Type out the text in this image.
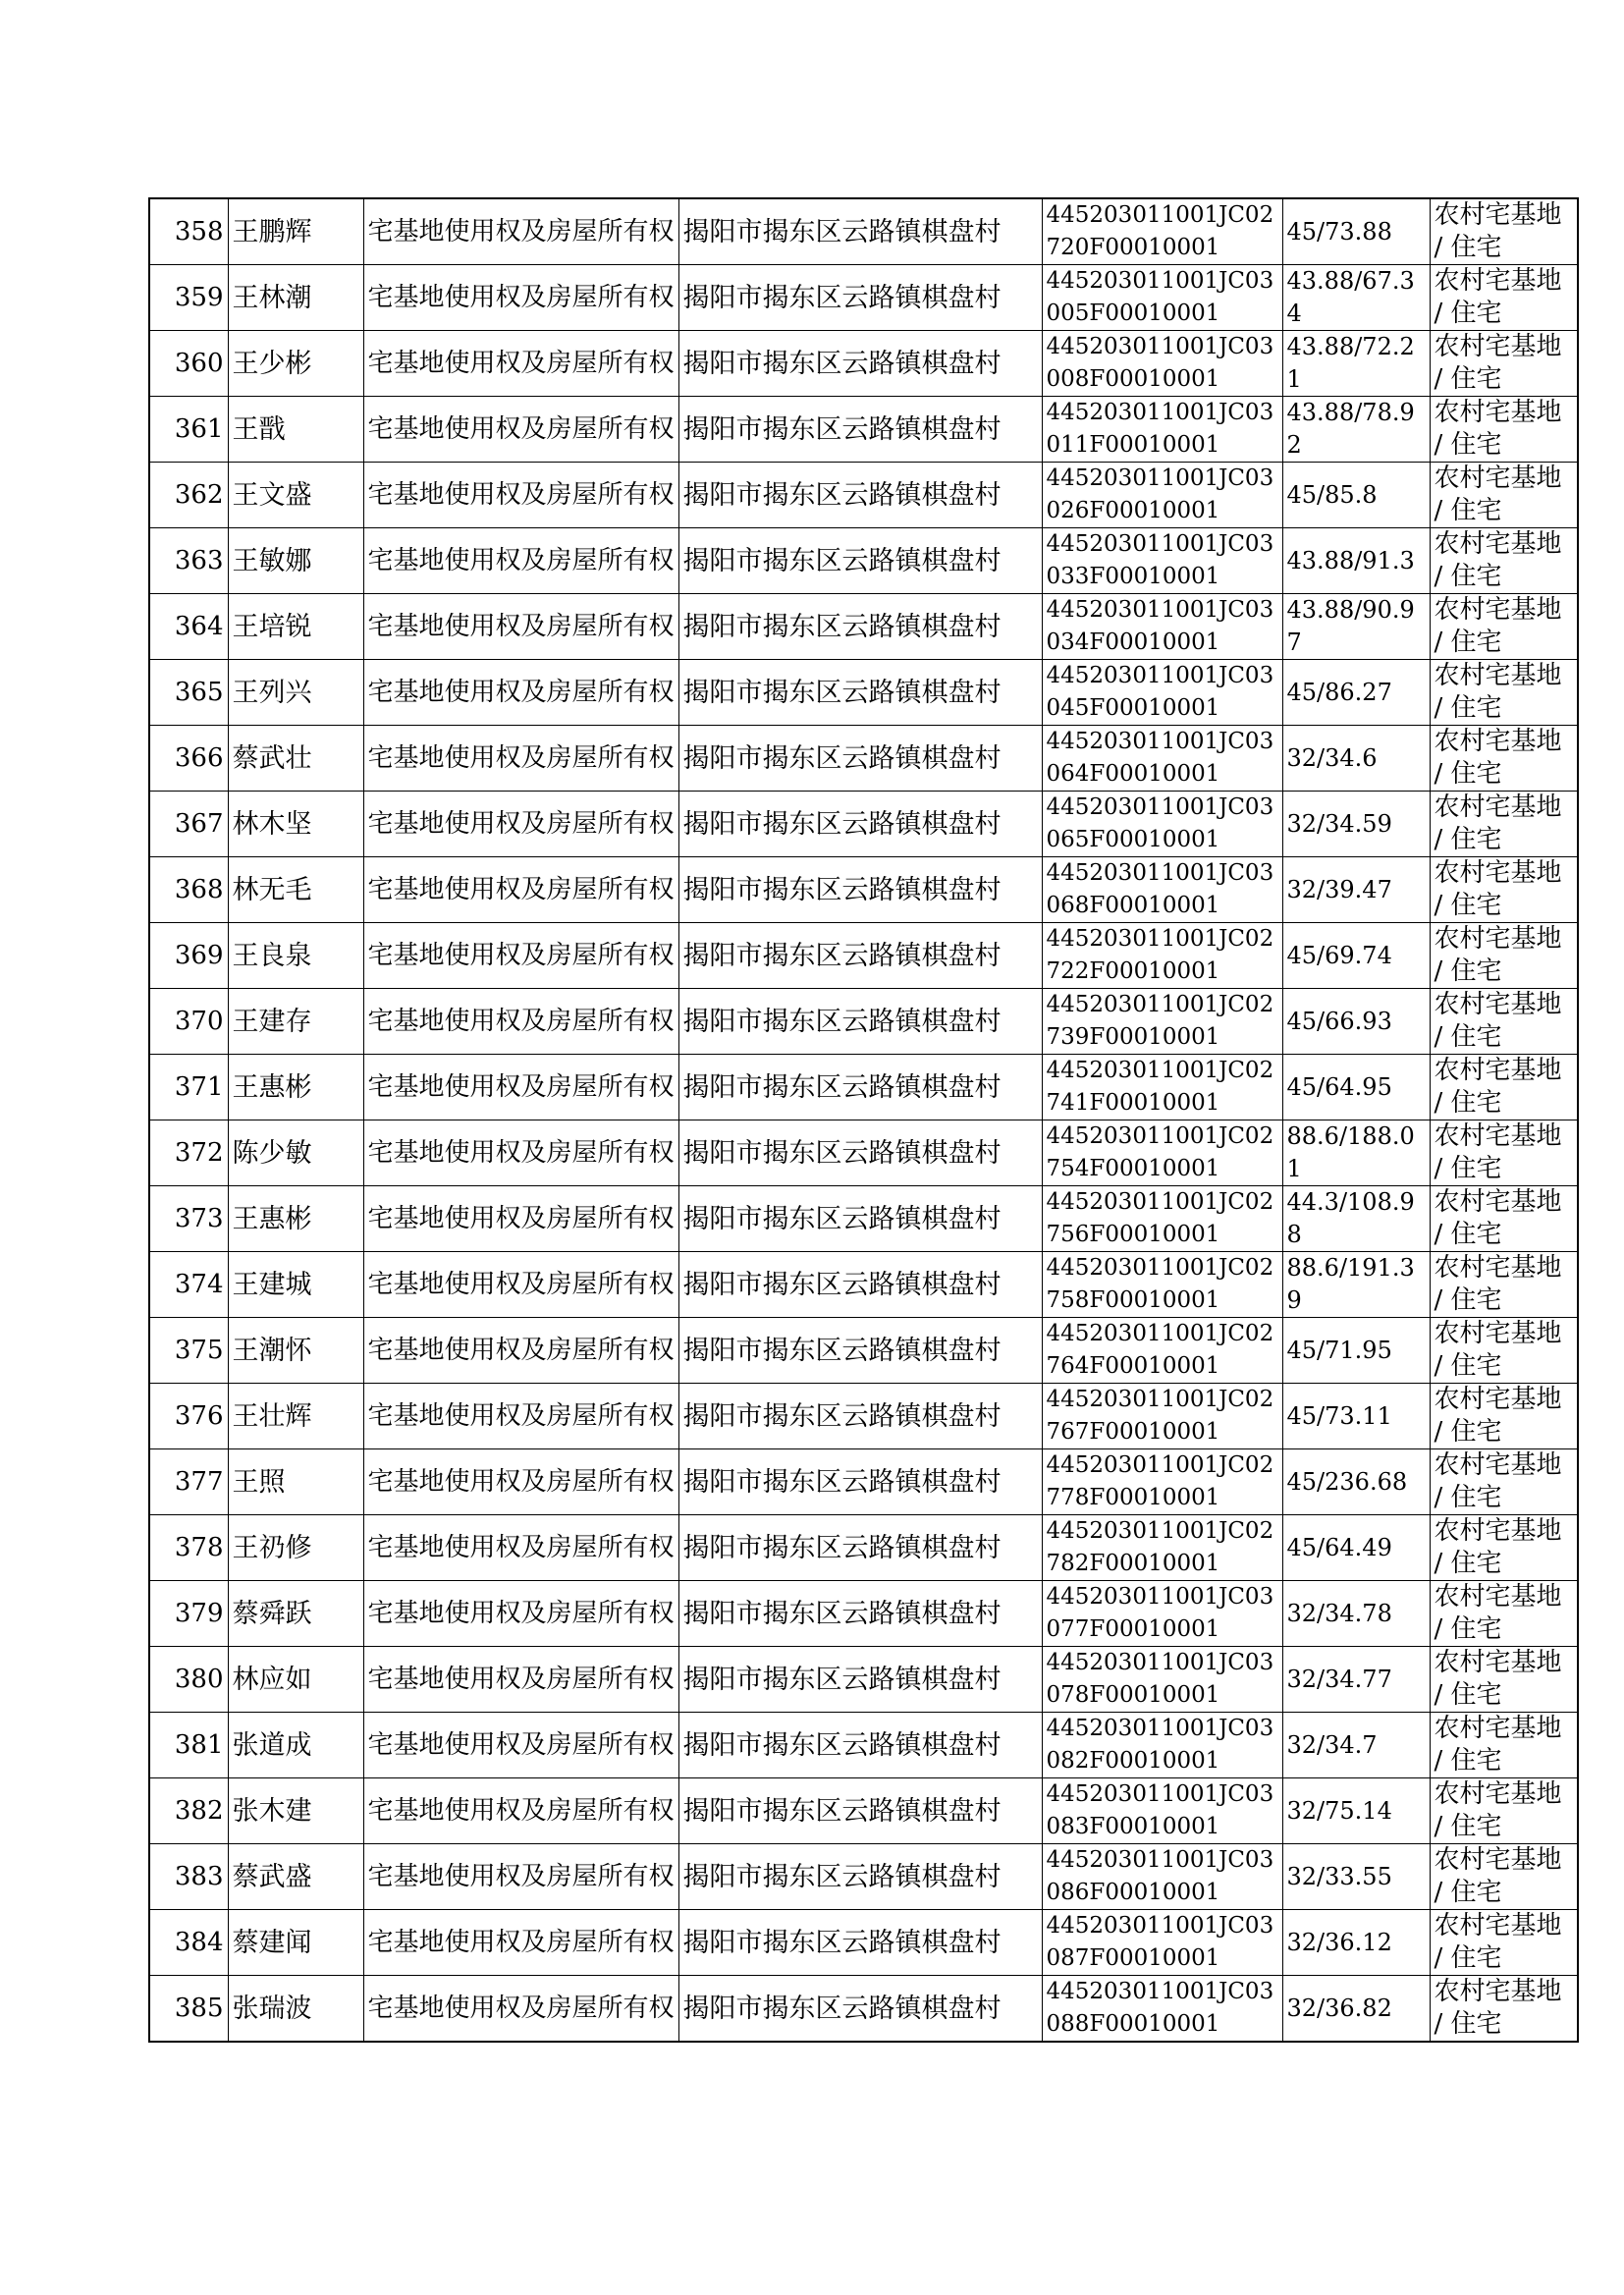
358	王鹏辉	宅基地使用权及房屋所有权	揭阳市揭东区云路镇棋盘村	445203011001JC02720F00010001	45/73.88	农村宅基地 / 住宅

359	王林潮	宅基地使用权及房屋所有权	揭阳市揭东区云路镇棋盘村	445203011001JC03005F00010001	43.88/67.34	农村宅基地 / 住宅

360	王少彬	宅基地使用权及房屋所有权	揭阳市揭东区云路镇棋盘村	445203011001JC03008F00010001	43.88/72.21	农村宅基地 / 住宅

361	王戬	宅基地使用权及房屋所有权	揭阳市揭东区云路镇棋盘村	445203011001JC03011F00010001	43.88/78.92	农村宅基地 / 住宅

362	王文盛	宅基地使用权及房屋所有权	揭阳市揭东区云路镇棋盘村	445203011001JC03026F00010001	45/85.8	农村宅基地 / 住宅

363	王敏娜	宅基地使用权及房屋所有权	揭阳市揭东区云路镇棋盘村	445203011001JC03033F00010001	43.88/91.3	农村宅基地 / 住宅

364	王培锐	宅基地使用权及房屋所有权	揭阳市揭东区云路镇棋盘村	445203011001JC03034F00010001	43.88/90.97	农村宅基地 / 住宅

365	王列兴	宅基地使用权及房屋所有权	揭阳市揭东区云路镇棋盘村	445203011001JC03045F00010001	45/86.27	农村宅基地 / 住宅

366	蔡武壮	宅基地使用权及房屋所有权	揭阳市揭东区云路镇棋盘村	445203011001JC03064F00010001	32/34.6	农村宅基地 / 住宅

367	林木坚	宅基地使用权及房屋所有权	揭阳市揭东区云路镇棋盘村	445203011001JC03065F00010001	32/34.59	农村宅基地 / 住宅

368	林无毛	宅基地使用权及房屋所有权	揭阳市揭东区云路镇棋盘村	445203011001JC03068F00010001	32/39.47	农村宅基地 / 住宅

369	王良泉	宅基地使用权及房屋所有权	揭阳市揭东区云路镇棋盘村	445203011001JC02722F00010001	45/69.74	农村宅基地 / 住宅

370	王建存	宅基地使用权及房屋所有权	揭阳市揭东区云路镇棋盘村	445203011001JC02739F00010001	45/66.93	农村宅基地 / 住宅

371	王惠彬	宅基地使用权及房屋所有权	揭阳市揭东区云路镇棋盘村	445203011001JC02741F00010001	45/64.95	农村宅基地 / 住宅

372	陈少敏	宅基地使用权及房屋所有权	揭阳市揭东区云路镇棋盘村	445203011001JC02754F00010001	88.6/188.01	农村宅基地 / 住宅

373	王惠彬	宅基地使用权及房屋所有权	揭阳市揭东区云路镇棋盘村	445203011001JC02756F00010001	44.3/108.98	农村宅基地 / 住宅

374	王建城	宅基地使用权及房屋所有权	揭阳市揭东区云路镇棋盘村	445203011001JC02758F00010001	88.6/191.39	农村宅基地 / 住宅

375	王潮怀	宅基地使用权及房屋所有权	揭阳市揭东区云路镇棋盘村	445203011001JC02764F00010001	45/71.95	农村宅基地 / 住宅

376	王壮辉	宅基地使用权及房屋所有权	揭阳市揭东区云路镇棋盘村	445203011001JC02767F00010001	45/73.11	农村宅基地 / 住宅

377	王照	宅基地使用权及房屋所有权	揭阳市揭东区云路镇棋盘村	445203011001JC02778F00010001	45/236.68	农村宅基地 / 住宅

378	王礽修	宅基地使用权及房屋所有权	揭阳市揭东区云路镇棋盘村	445203011001JC02782F00010001	45/64.49	农村宅基地 / 住宅

379	蔡舜跃	宅基地使用权及房屋所有权	揭阳市揭东区云路镇棋盘村	445203011001JC03077F00010001	32/34.78	农村宅基地 / 住宅

380	林应如	宅基地使用权及房屋所有权	揭阳市揭东区云路镇棋盘村	445203011001JC03078F00010001	32/34.77	农村宅基地 / 住宅

381	张道成	宅基地使用权及房屋所有权	揭阳市揭东区云路镇棋盘村	445203011001JC03082F00010001	32/34.7	农村宅基地 / 住宅

382	张木建	宅基地使用权及房屋所有权	揭阳市揭东区云路镇棋盘村	445203011001JC03083F00010001	32/75.14	农村宅基地 / 住宅

383	蔡武盛	宅基地使用权及房屋所有权	揭阳市揭东区云路镇棋盘村	445203011001JC03086F00010001	32/33.55	农村宅基地 / 住宅

384	蔡建闻	宅基地使用权及房屋所有权	揭阳市揭东区云路镇棋盘村	445203011001JC03087F00010001	32/36.12	农村宅基地 / 住宅

385	张瑞波	宅基地使用权及房屋所有权	揭阳市揭东区云路镇棋盘村	445203011001JC03088F00010001	32/36.82	农村宅基地 / 住宅
